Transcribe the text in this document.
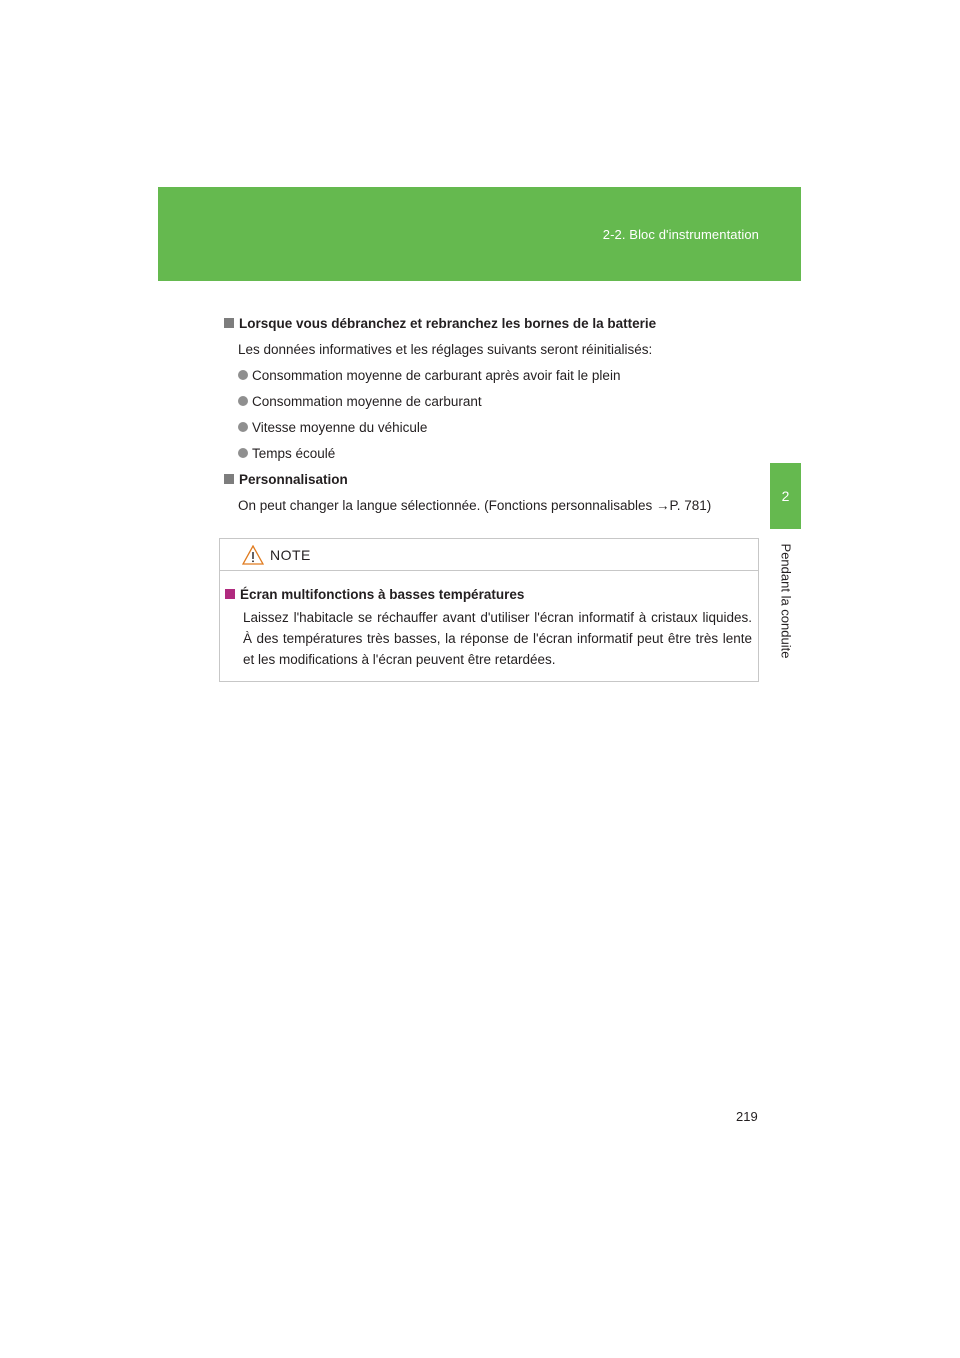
2-2. Bloc d'instrumentation
2
Pendant la conduite
Lorsque vous débranchez et rebranchez les bornes de la batterie

Les données informatives et les réglages suivants seront réinitialisés:

Consommation moyenne de carburant après avoir fait le plein
Consommation moyenne de carburant
Vitesse moyenne du véhicule
Temps écoulé
Personnalisation

On peut changer la langue sélectionnée. (Fonctions personnalisables →P. 781)

NOTE
Écran multifonctions à basses températures

Laissez l'habitacle se réchauffer avant d'utiliser l'écran informatif à cristaux liquides. À des températures très basses, la réponse de l'écran informatif peut être très lente et les modifications à l'écran peuvent être retardées.

219
